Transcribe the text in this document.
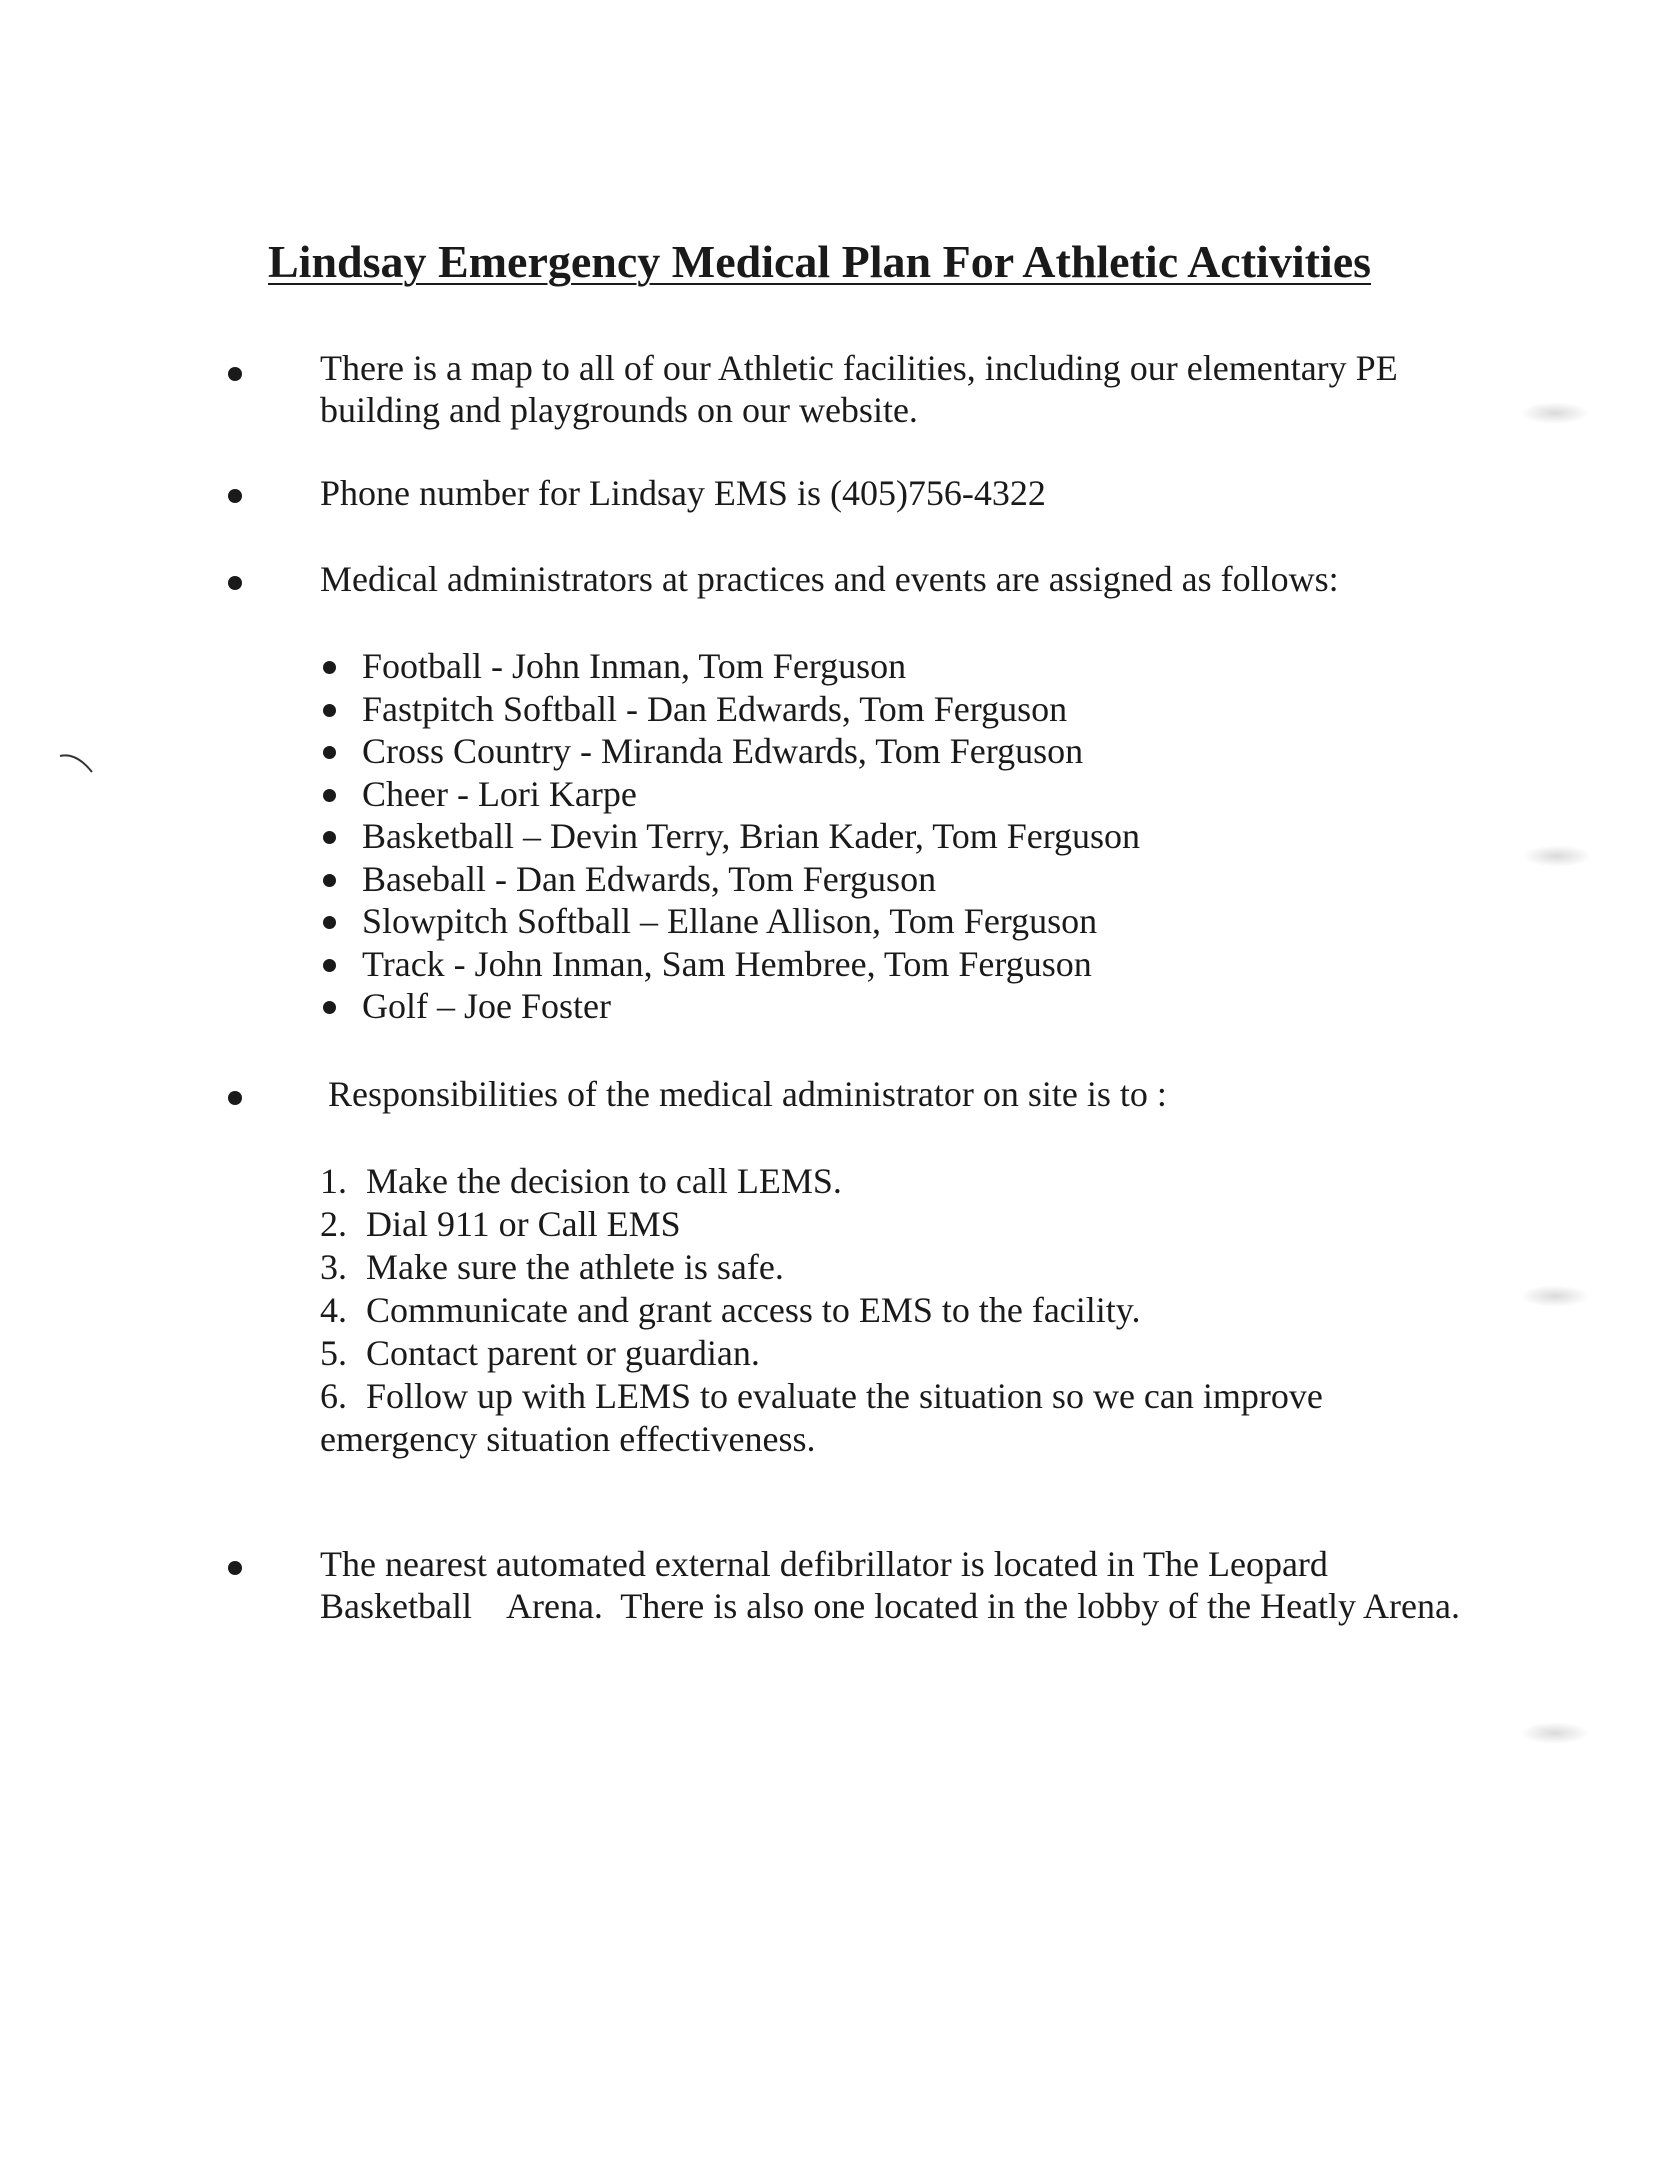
Lindsay Emergency Medical Plan For Athletic Activities

There is a map to all of our Athletic facilities, including our elementary PE building and playgrounds on our website.

Phone number for Lindsay EMS is (405)756-4322

Medical administrators at practices and events are assigned as follows:

Football - John Inman, Tom Ferguson
Fastpitch Softball - Dan Edwards, Tom Ferguson
Cross Country - Miranda Edwards, Tom Ferguson
Cheer - Lori Karpe
Basketball – Devin Terry, Brian Kader, Tom Ferguson
Baseball - Dan Edwards, Tom Ferguson
Slowpitch Softball – Ellane Allison, Tom Ferguson
Track - John Inman, Sam Hembree, Tom Ferguson
Golf – Joe Foster

Responsibilities of the medical administrator on site is to :

1. Make the decision to call LEMS.
2. Dial 911 or Call EMS
3. Make sure the athlete is safe.
4. Communicate and grant access to EMS to the facility.
5. Contact parent or guardian.
6. Follow up with LEMS to evaluate the situation so we can improve emergency situation effectiveness.

The nearest automated external defibrillator is located in The Leopard Basketball    Arena.  There is also one located in the lobby of the Heatly Arena.
